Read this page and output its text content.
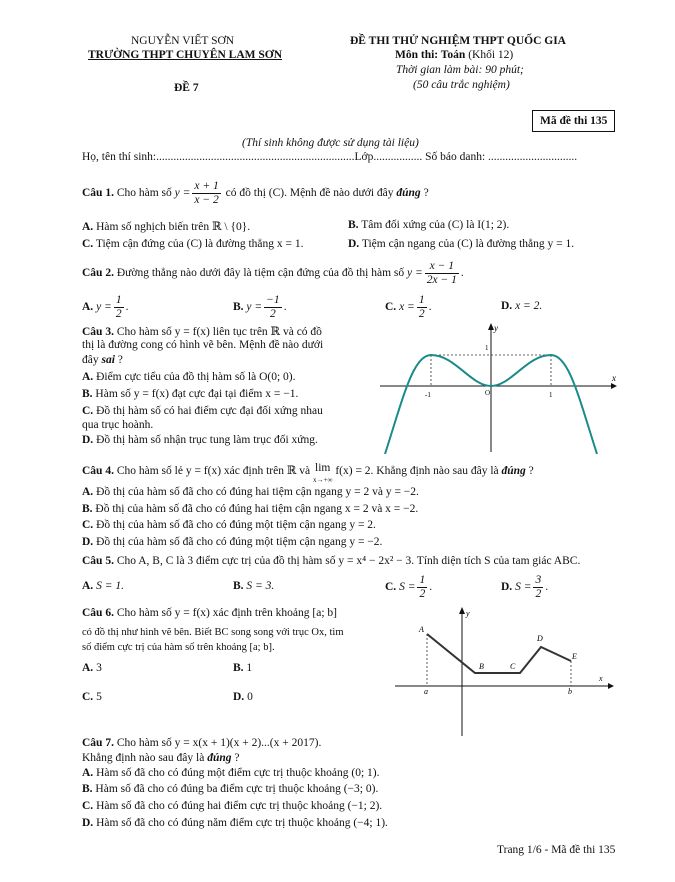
NGUYỄN VIẾT SƠN
TRƯỜNG THPT CHUYÊN LAM SƠN
ĐỀ 7
ĐỀ THI THỬ NGHIỆM THPT QUỐC GIA
Môn thi: Toán (Khối 12)
Thời gian làm bài: 90 phút;
(50 câu trắc nghiệm)
Mã đề thi 135
(Thí sinh không được sử dụng tài liệu)
Họ, tên thí sinh:.....................................................................Lớp................. Số báo danh: ...............................
Câu 1. Cho hàm số $y = \frac{x + 1}{x - 2}$ có đồ thị (C). Mệnh đề nào dưới đây đúng ?
A. Hàm số nghịch biến trên ℝ \ {0}.	B. Tâm đối xứng của (C) là I(1; 2).
C. Tiệm cận đứng của (C) là đường thẳng x = 1.	D. Tiệm cận ngang của (C) là đường thẳng y = 1.
Câu 2. Đường thẳng nào dưới đây là tiệm cận đứng của đồ thị hàm số $y = \frac{x - 1}{2x - 1}$ .
A. $y = \frac{1}{2}$ .	B. $y = \frac{-1}{2}$ .	C. $x = \frac{1}{2}$ .	D. x = 2.
Câu 3. Cho hàm số y = f(x) liên tục trên ℝ và có đồ
thị là đường cong có hình vẽ bên. Mệnh đề nào dưới
đây sai ?
A. Điểm cực tiểu của đồ thị hàm số là O(0; 0).
B. Hàm số y = f(x) đạt cực đại tại điểm x = −1.
C. Đồ thị hàm số có hai điểm cực đại đối xứng nhau
qua trục hoành.
D. Đồ thị hàm số nhận trục tung làm trục đối xứng.
x
y
O
-1	1
1
Câu 4. Cho hàm số lẻ y = f(x) xác định trên ℝ và lim
x→+∞ f(x) = 2. Khẳng định nào sau đây là đúng ?
A. Đồ thị của hàm số đã cho có đúng hai tiệm cận ngang y = 2 và y = −2.
B. Đồ thị của hàm số đã cho có đúng hai tiệm cận ngang x = 2 và x = −2.
C. Đồ thị của hàm số đã cho có đúng một tiệm cận ngang y = 2.
D. Đồ thị của hàm số đã cho có đúng một tiệm cận ngang y = −2.
Câu 5. Cho A, B, C là 3 điểm cực trị của đồ thị hàm số y = x⁴ − 2x² − 3. Tính diện tích S của tam giác ABC.
A. S = 1.	B. S = 3.	C. $S = \frac{1}{2}$ .	D. $S = \frac{3}{2}$ .
Câu 6. Cho hàm số y = f(x) xác định trên khoảng [a; b]
có đồ thị như hình vẽ bên. Biết BC song song với trục Ox, tìm
số điểm cực trị của hàm số trên khoảng [a; b].
A. 3	B. 1
C. 5	D. 0
A
B	C
D
E
a	b
x
y
Câu 7. Cho hàm số y = x(x + 1)(x + 2)...(x + 2017).
Khẳng định nào sau đây là đúng ?
A. Hàm số đã cho có đúng một điểm cực trị thuộc khoảng (0; 1).
B. Hàm số đã cho có đúng ba điểm cực trị thuộc khoảng (−3; 0).
C. Hàm số đã cho có đúng hai điểm cực trị thuộc khoảng (−1; 2).
D. Hàm số đã cho có đúng năm điểm cực trị thuộc khoảng (−4; 1).
Trang 1/6 - Mã đề thi 135
